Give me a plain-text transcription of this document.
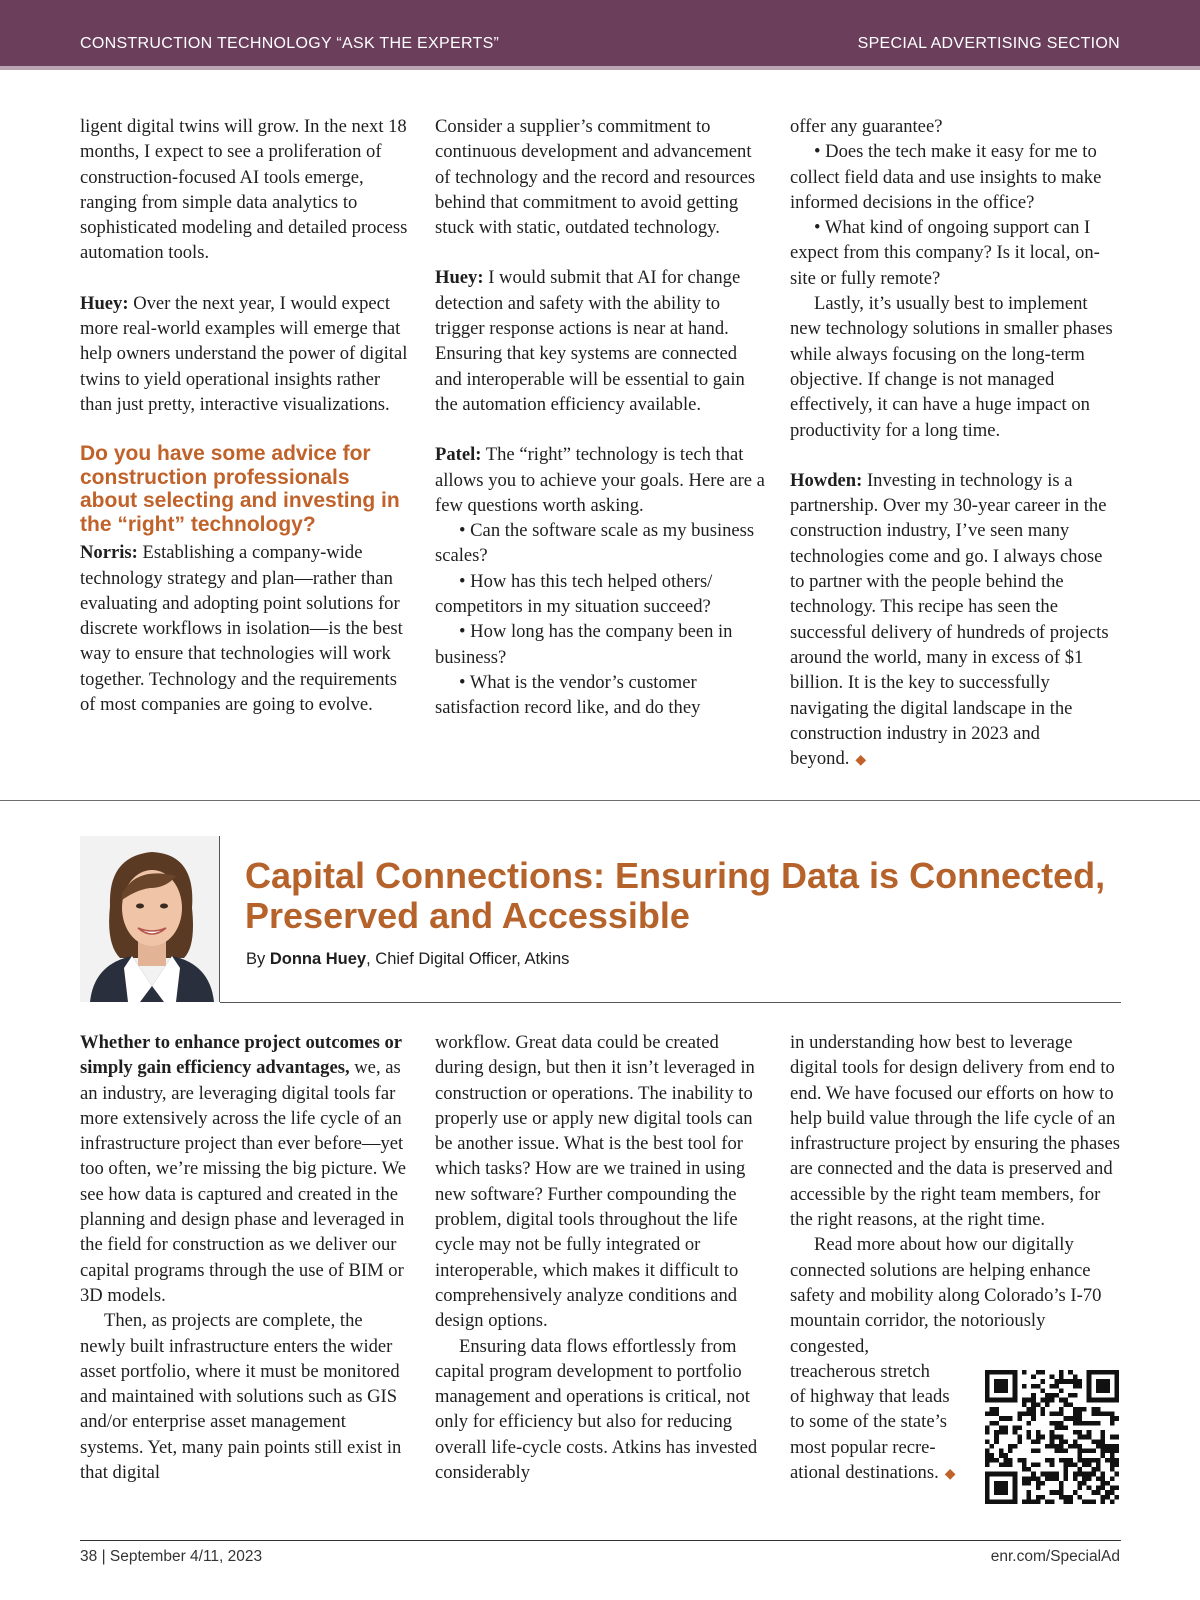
CONSTRUCTION TECHNOLOGY “ASK THE EXPERTS”	SPECIAL ADVERTISING SECTION

ligent digital twins will grow. In the next 18 months, I expect to see a proliferation of construction-focused AI tools emerge, ranging from simple data analytics to sophisticated modeling and detailed process automation tools.

Huey: Over the next year, I would expect more real-world examples will emerge that help owners understand the power of digital twins to yield operational insights rather than just pretty, interactive visualizations.

Do you have some advice for construction professionals about selecting and investing in the “right” technology?

Norris: Establishing a company-wide technology strategy and plan—rather than evaluating and adopting point solutions for discrete workflows in isolation—is the best way to ensure that technologies will work together. Technology and the requirements of most companies are going to evolve.

Consider a supplier’s commitment to continuous development and advancement of technology and the record and resources behind that commitment to avoid getting stuck with static, outdated technology.

Huey: I would submit that AI for change detection and safety with the ability to trigger response actions is near at hand. Ensuring that key systems are connected and interoperable will be essential to gain the automation efficiency available.

Patel: The “right” technology is tech that allows you to achieve your goals. Here are a few questions worth asking.

• Can the software scale as my business scales?

• How has this tech helped others/ competitors in my situation succeed?

• How long has the company been in business?

• What is the vendor’s customer satisfaction record like, and do they

offer any guarantee?

• Does the tech make it easy for me to collect field data and use insights to make informed decisions in the office?

• What kind of ongoing support can I expect from this company? Is it local, on-site or fully remote?

Lastly, it’s usually best to implement new technology solutions in smaller phases while always focusing on the long-term objective. If change is not managed effectively, it can have a huge impact on productivity for a long time.

Howden: Investing in technology is a partnership. Over my 30-year career in the construction industry, I’ve seen many technologies come and go. I always chose to partner with the people behind the technology. This recipe has seen the successful delivery of hundreds of projects around the world, many in excess of $1 billion. It is the key to successfully navigating the digital landscape in the construction industry in 2023 and beyond. ◆

Capital Connections: Ensuring Data is Connected, Preserved and Accessible
By Donna Huey, Chief Digital Officer, Atkins

Whether to enhance project outcomes or simply gain efficiency advantages, we, as an industry, are leveraging digital tools far more extensively across the life cycle of an infrastructure project than ever before—yet too often, we’re missing the big picture. We see how data is captured and created in the planning and design phase and leveraged in the field for construction as we deliver our capital programs through the use of BIM or 3D models.

Then, as projects are complete, the newly built infrastructure enters the wider asset portfolio, where it must be monitored and maintained with solutions such as GIS and/or enterprise asset management systems. Yet, many pain points still exist in that digital

workflow. Great data could be created during design, but then it isn’t leveraged in construction or operations. The inability to properly use or apply new digital tools can be another issue. What is the best tool for which tasks? How are we trained in using new software? Further compounding the problem, digital tools throughout the life cycle may not be fully integrated or interoperable, which makes it difficult to comprehensively analyze conditions and design options.

Ensuring data flows effortlessly from capital program development to portfolio management and operations is critical, not only for efficiency but also for reducing overall life-cycle costs. Atkins has invested considerably

in understanding how best to leverage digital tools for design delivery from end to end. We have focused our efforts on how to help build value through the life cycle of an infrastructure project by ensuring the phases are connected and the data is preserved and accessible by the right team members, for the right reasons, at the right time.

Read more about how our digitally connected solutions are helping enhance safety and mobility along Colorado’s I-70 mountain corridor, the notoriously congested,

treacherous stretch

of highway that leads

to some of the state’s

most popular recre-

ational destinations. ◆

38 | September 4/11, 2023	enr.com/SpecialAd
